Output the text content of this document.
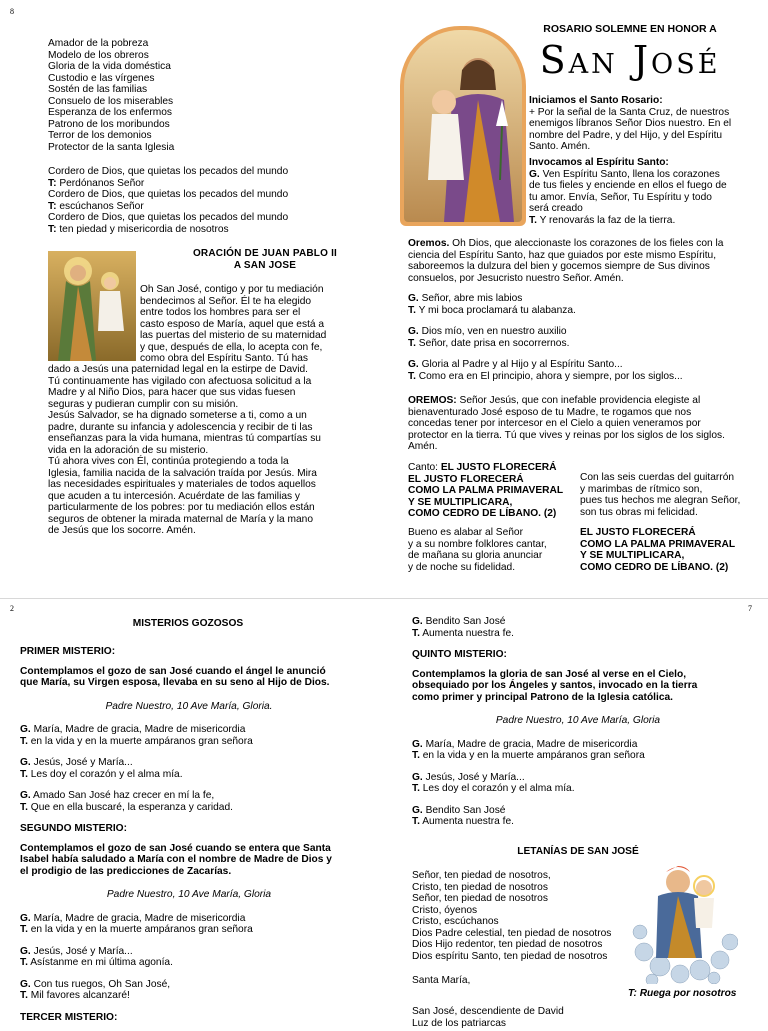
8
2	7
Amador de la pobreza
Modelo de los obreros
Gloria de la vida doméstica
Custodio e las vírgenes
Sostén de las familias
Consuelo de los miserables
Esperanza de los enfermos
Patrono de los moribundos
Terror de los demonios
Protector de la santa Iglesia
Cordero de Dios, que quietas los pecados del mundo
T: Perdónanos Señor
Cordero de Dios, que quietas los pecados del mundo
T: escúchanos Señor
Cordero de Dios, que quietas los pecados del mundo
T: ten piedad y misericordia de nosotros
ORACIÓN DE JUAN PABLO II
A SAN JOSE
Oh San José, contigo y por tu mediación
bendecimos al Señor. Él te ha elegido
entre todos los hombres para ser el
casto esposo de María, aquel que está a
las puertas del misterio de su maternidad
y que, después de ella, lo acepta con fe,
como obra del Espíritu Santo. Tú has
dado a Jesús una paternidad legal en la estirpe de David.
Tú continuamente has vigilado con afectuosa solicitud a la
Madre y al Niño Dios, para hacer que sus vidas fuesen
seguras y pudieran cumplir con su misión.
Jesús Salvador, se ha dignado someterse a ti, como a un
padre, durante su infancia y adolescencia y recibir de ti las
enseñanzas para la vida humana, mientras tú compartías su
vida en la adoración de su misterio.
Tú ahora vives con Él, continúa protegiendo a toda la
Iglesia, familia nacida de la salvación traída por Jesús. Mira
las necesidades espirituales y materiales de todos aquellos
que acuden a tu intercesión. Acuérdate de las familias y
particularmente de los pobres: por tu mediación ellos están
seguros de obtener la mirada maternal de María y la mano
de Jesús que los socorre. Amén.
ROSARIO SOLEMNE EN HONOR A
San José
Iniciamos el Santo Rosario:
+ Por la señal de la Santa Cruz, de nuestros
enemigos líbranos Señor Dios nuestro. En el
nombre del Padre, y del Hijo, y del Espíritu
Santo. Amén.
Invocamos al Espíritu Santo:
G. Ven Espíritu Santo, llena los corazones
de tus fieles y enciende en ellos el fuego de
tu amor. Envía, Señor, Tu Espíritu y todo
será creado
T. Y renovarás la faz de la tierra.
Oremos. Oh Dios, que aleccionaste los corazones de los fieles con la
ciencia del Espíritu Santo, haz que guiados por este mismo Espíritu,
saboreemos la dulzura del bien y gocemos siempre de Sus divinos
consuelos, por Jesucristo nuestro Señor. Amén.
G. Señor, abre mis labios
T. Y mi boca proclamará tu alabanza.
G. Dios mío, ven en nuestro auxilio
T. Señor, date prisa en socorrernos.
G. Gloria al Padre y al Hijo y al Espíritu Santo...
T. Como era en El principio, ahora y siempre, por los siglos...
OREMOS: Señor Jesús, que con inefable providencia elegiste al
bienaventurado José esposo de tu Madre, te rogamos que nos
concedas tener por intercesor en el Cielo a quien veneramos por
protector en la tierra. Tú que vives y reinas por los siglos de los siglos.
Amén.
Canto: EL JUSTO FLORECERÁ
EL JUSTO FLORECERÁ
COMO LA PALMA PRIMAVERAL
Y SE MULTIPLICARA,
COMO CEDRO DE LÍBANO. (2)
Con las seis cuerdas del guitarrón
y marimbas de rítmico son,
pues tus hechos me alegran Señor,
son tus obras mi felicidad.
Bueno es alabar al Señor
y a su nombre folklores cantar,
de mañana su gloria anunciar
y de noche su fidelidad.
EL JUSTO FLORECERÁ
COMO LA PALMA PRIMAVERAL
Y SE MULTIPLICARA,
COMO CEDRO DE LÍBANO. (2)
MISTERIOS GOZOSOS
PRIMER MISTERIO:
Contemplamos el gozo de san José cuando el ángel le anunció
que María, su Virgen esposa, llevaba en su seno al Hijo de Dios.
Padre Nuestro, 10 Ave María, Gloria.
G. María, Madre de gracia, Madre de misericordia
T. en la vida y en la muerte ampáranos gran señora
G. Jesús, José y María...
T. Les doy el corazón y el alma mía.
G. Amado San José haz crecer en mí la fe,
T. Que en ella buscaré, la esperanza y caridad.
SEGUNDO MISTERIO:
Contemplamos el gozo de san José cuando se entera que Santa
Isabel había saludado a María con el nombre de Madre de Dios y
el prodigio de las predicciones de Zacarías.
Padre Nuestro, 10 Ave María, Gloria
G. María, Madre de gracia, Madre de misericordia
T. en la vida y en la muerte ampáranos gran señora
G. Jesús, José y María...
T. Asístanme en mi última agonía.
G. Con tus ruegos, Oh San José,
T. Mil favores alcanzaré!
TERCER MISTERIO:
G. Bendito San José
T. Aumenta nuestra fe.
QUINTO MISTERIO:
Contemplamos la gloria de san José al verse en el Cielo,
obsequiado por los Ángeles y santos, invocado en la tierra
como primer y principal Patrono de la Iglesia católica.
Padre Nuestro, 10 Ave María, Gloria
G. María, Madre de gracia, Madre de misericordia
T. en la vida y en la muerte ampáranos gran señora
G. Jesús, José y María...
T. Les doy el corazón y el alma mía.
G. Bendito San José
T. Aumenta nuestra fe.
LETANÍAS DE SAN JOSÉ
Señor, ten piedad de nosotros,
Cristo, ten piedad de nosotros
Señor, ten piedad de nosotros
Cristo, óyenos
Cristo, escúchanos
Dios Padre celestial, ten piedad de nosotros
Dios Hijo redentor, ten piedad de nosotros
Dios espíritu Santo, ten piedad de nosotros
Santa María,
San José, descendiente de David
Luz de los patriarcas
T: Ruega por nosotros
